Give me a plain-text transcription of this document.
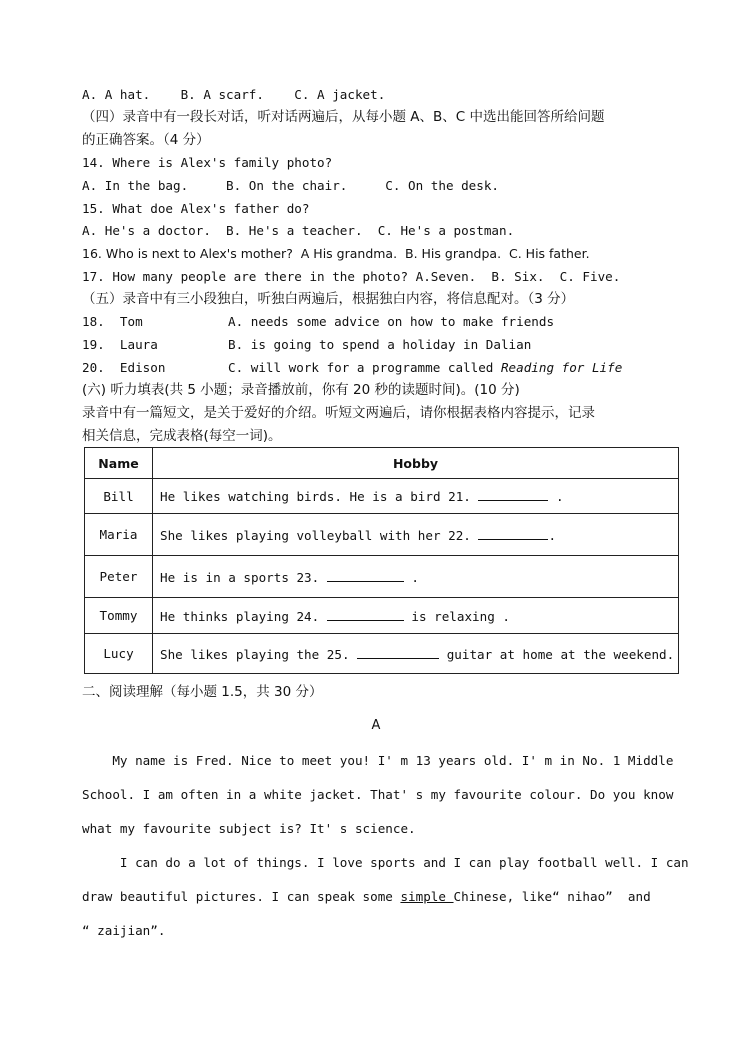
A. A hat.    B. A scarf.    C. A jacket.
（四）录音中有一段长对话，听对话两遍后，从每小题 A、B、C 中选出能回答所给问题
的正确答案。（4 分）
14. Where is Alex's family photo?
A. In the bag.     B. On the chair.     C. On the desk.
15. What doe Alex's father do?
A. He's a doctor.  B. He's a teacher.  C. He's a postman.
16. Who is next to Alex's mother?  A His grandma.  B. His grandpa.  C. His father.
17. How many people are there in the photo? A.Seven.  B. Six.  C. Five.
（五）录音中有三小段独白，听独白两遍后，根据独白内容，将信息配对。（3 分）
18.  Tom	A. needs some advice on how to make friends
19.  Laura	B. is going to spend a holiday in Dalian
20.  Edison	C. will work for a programme called Reading for Life
(六) 听力填表(共 5 小题；录音播放前，你有 20 秒的读题时间)。(10 分)
录音中有一篇短文，是关于爱好的介绍。听短文两遍后，请你根据表格内容提示，记录
相关信息，完成表格(每空一词)。
Name	Hobby
Bill	He likes watching birds. He is a bird 21. .
Maria	She likes playing volleyball with her 22. .
Peter	He is in a sports 23. .
Tommy	He thinks playing 24. is relaxing .
Lucy	She likes playing the 25. guitar at home at the weekend.
二、阅读理解（每小题 1.5，共 30 分）
A
My name is Fred. Nice to meet you! I' m 13 years old. I' m in No. 1 Middle
School. I am often in a white jacket. That' s my favourite colour. Do you know
what my favourite subject is? It' s science.
I can do a lot of things. I love sports and I can play football well. I can
draw beautiful pictures. I can speak some simple Chinese, like“ nihao”  and
“ zaijian”.
